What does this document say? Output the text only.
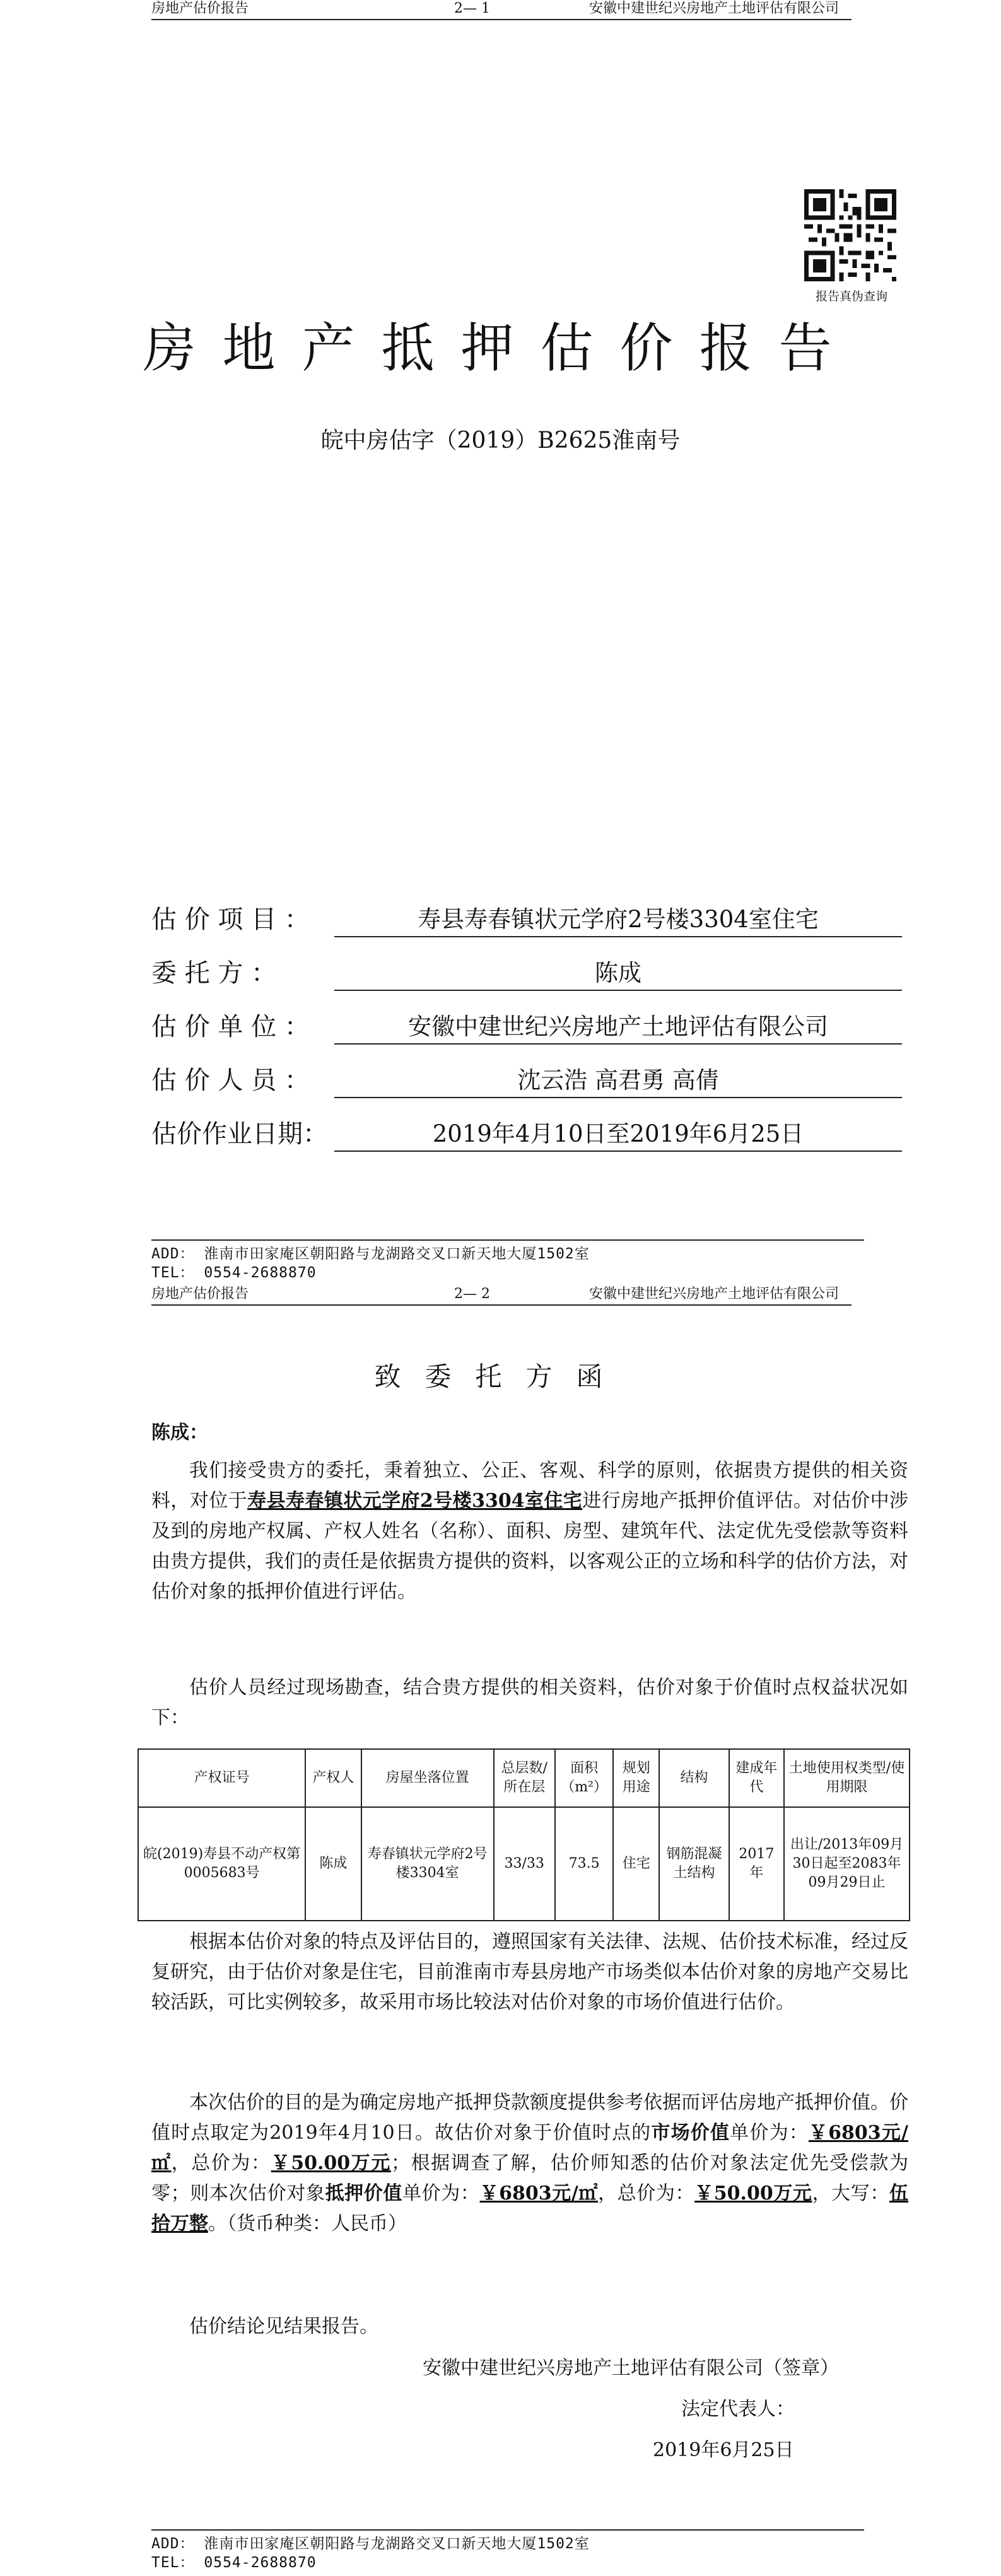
房地产估价报告	2— 1	安徽中建世纪兴房地产土地评估有限公司
报告真伪查询
房地产抵押估价报告
皖中房估字（2019）B2625淮南号
估 价 项 目 ：	寿县寿春镇状元学府2号楼3304室住宅
委 托 方 ：	陈成
估 价 单 位 ：	安徽中建世纪兴房地产土地评估有限公司
估 价 人 员 ：	沈云浩 高君勇 高倩
估价作业日期：	2019年4月10日至2019年6月25日
ADD： 淮南市田家庵区朝阳路与龙湖路交叉口新天地大厦1502室
TEL： 0554-2688870
房地产估价报告	2— 2	安徽中建世纪兴房地产土地评估有限公司
致委托方函
陈成：
我们接受贵方的委托，秉着独立、公正、客观、科学的原则，依据贵方提供的相关资料，对位于寿县寿春镇状元学府2号楼3304室住宅进行房地产抵押价值评估。对估价中涉及到的房地产权属、产权人姓名（名称）、面积、房型、建筑年代、法定优先受偿款等资料由贵方提供，我们的责任是依据贵方提供的资料，以客观公正的立场和科学的估价方法，对估价对象的抵押价值进行评估。
估价人员经过现场勘查，结合贵方提供的相关资料，估价对象于价值时点权益状况如下：
产权证号	产权人	房屋坐落位置	总层数/所在层	面积（m²）	规划用途	结构	建成年代	土地使用权类型/使用期限
皖(2019)寿县不动产权第0005683号	陈成	寿春镇状元学府2号楼3304室	33/33	73.5	住宅	钢筋混凝土结构	2017年	出让/2013年09月30日起至2083年09月29日止
根据本估价对象的特点及评估目的，遵照国家有关法律、法规、估价技术标准，经过反复研究，由于估价对象是住宅，目前淮南市寿县房地产市场类似本估价对象的房地产交易比较活跃，可比实例较多，故采用市场比较法对估价对象的市场价值进行估价。
本次估价的目的是为确定房地产抵押贷款额度提供参考依据而评估房地产抵押价值。价值时点取定为2019年4月10日。故估价对象于价值时点的市场价值单价为：￥6803元/㎡，总价为：￥50.00万元；根据调查了解，估价师知悉的估价对象法定优先受偿款为零；则本次估价对象抵押价值单价为：￥6803元/㎡，总价为：￥50.00万元，大写：伍拾万整。（货币种类：人民币）
估价结论见结果报告。
安徽中建世纪兴房地产土地评估有限公司（签章）
法定代表人：
2019年6月25日
ADD： 淮南市田家庵区朝阳路与龙湖路交叉口新天地大厦1502室
TEL： 0554-2688870
